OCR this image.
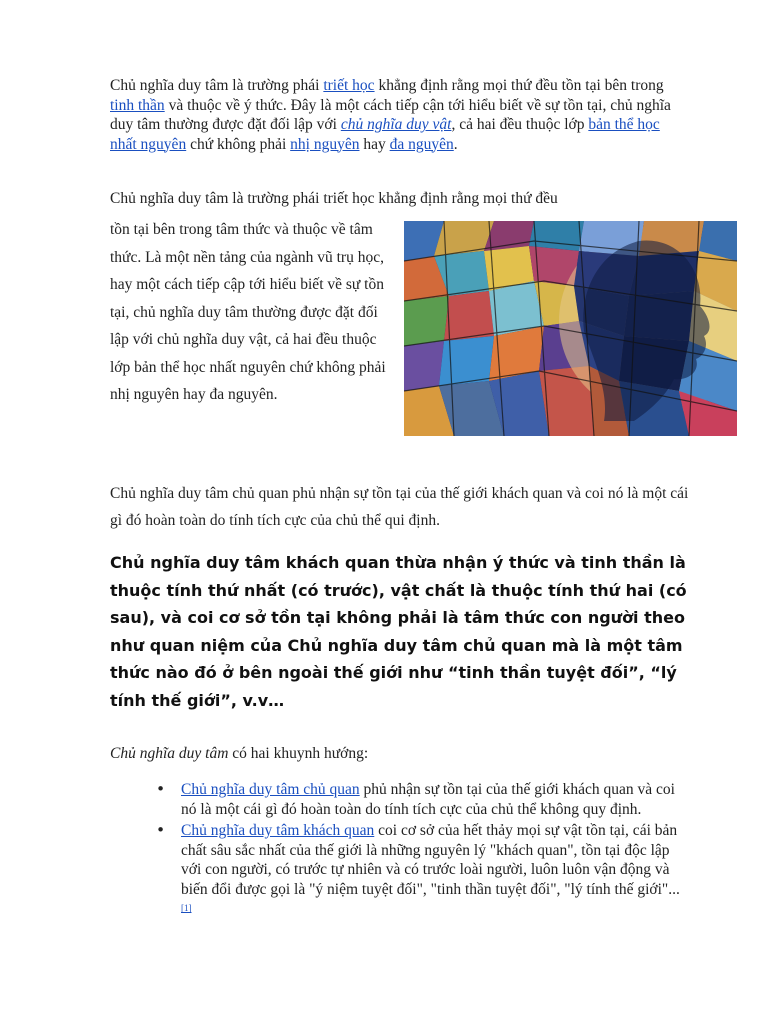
Chủ nghĩa duy tâm là trường phái triết học khẳng định rằng mọi thứ đều tồn tại bên trong tinh thần và thuộc về ý thức. Đây là một cách tiếp cận tới hiểu biết về sự tồn tại, chủ nghĩa duy tâm thường được đặt đối lập với chủ nghĩa duy vật, cả hai đều thuộc lớp bản thể học nhất nguyên chứ không phải nhị nguyên hay đa nguyên.

Chủ nghĩa duy tâm là trường phái triết học khẳng định rằng mọi thứ đều

tồn tại bên trong tâm thức và thuộc về tâm thức. Là một nền tảng của ngành vũ trụ học, hay một cách tiếp cập tới hiểu biết về sự tồn tại, chủ nghĩa duy tâm thường được đặt đối lập với chủ nghĩa duy vật, cả hai đều thuộc lớp bản thể học nhất nguyên chứ không phải nhị nguyên hay đa nguyên.

Chủ nghĩa duy tâm chủ quan phủ nhận sự tồn tại của thế giới khách quan và coi nó là một cái gì đó hoàn toàn do tính tích cực của chủ thể qui định.

Chủ nghĩa duy tâm khách quan thừa nhận ý thức và tinh thần là thuộc tính thứ nhất (có trước), vật chất là thuộc tính thứ hai (có sau), và coi cơ sở tồn tại không phải là tâm thức con người theo như quan niệm của Chủ nghĩa duy tâm chủ quan mà là một tâm thức nào đó ở bên ngoài thế giới như “tinh thần tuyệt đối”, “lý tính thế giới”, v.v…

Chủ nghĩa duy tâm có hai khuynh hướng:

• Chủ nghĩa duy tâm chủ quan phủ nhận sự tồn tại của thế giới khách quan và coi nó là một cái gì đó hoàn toàn do tính tích cực của chủ thể không quy định.
• Chủ nghĩa duy tâm khách quan coi cơ sở của hết thảy mọi sự vật tồn tại, cái bản chất sâu sắc nhất của thế giới là những nguyên lý "khách quan", tồn tại độc lập với con người, có trước tự nhiên và có trước loài người, luôn luôn vận động và biến đổi được gọi là "ý niệm tuyệt đối", "tinh thần tuyệt đối", "lý tính thế giới"...[1]
